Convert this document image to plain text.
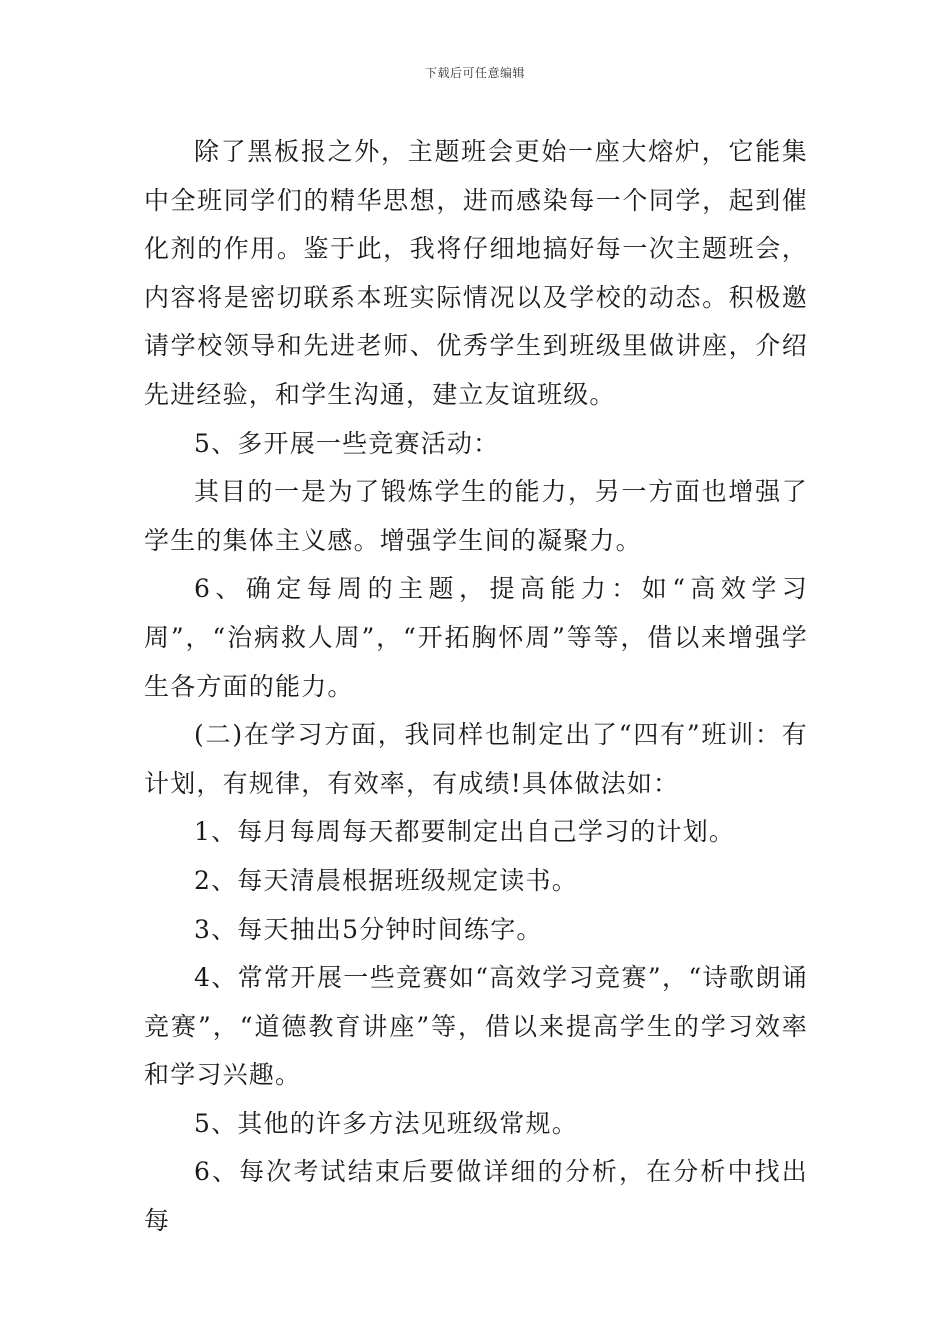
下载后可任意编辑

除了黑板报之外，主题班会更始一座大熔炉，它能集中全班同学们的精华思想，进而感染每一个同学，起到催化剂的作用。鉴于此，我将仔细地搞好每一次主题班会，内容将是密切联系本班实际情况以及学校的动态。积极邀请学校领导和先进老师、优秀学生到班级里做讲座，介绍先进经验，和学生沟通，建立友谊班级。

5、多开展一些竞赛活动：

其目的一是为了锻炼学生的能力，另一方面也增强了学生的集体主义感。增强学生间的凝聚力。

6、确定每周的主题，提高能力：如“高效学习周”，“治病救人周”，“开拓胸怀周”等等，借以来增强学生各方面的能力。

(二)在学习方面，我同样也制定出了“四有”班训：有计划，有规律，有效率，有成绩!具体做法如：

1、每月每周每天都要制定出自己学习的计划。

2、每天清晨根据班级规定读书。

3、每天抽出5分钟时间练字。

4、常常开展一些竞赛如“高效学习竞赛”，“诗歌朗诵竞赛”，“道德教育讲座”等，借以来提高学生的学习效率和学习兴趣。

5、其他的许多方法见班级常规。

6、每次考试结束后要做详细的分析，在分析中找出每
